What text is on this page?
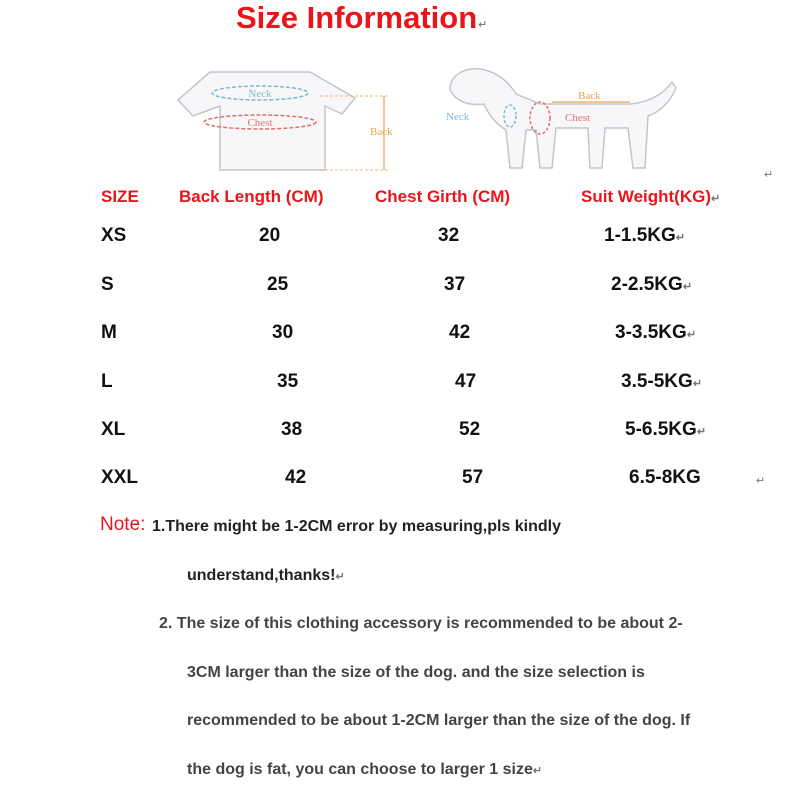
Size Information↵
Neck
Chest
Back
Neck	Chest
Back
↵
SIZE Back Length (CM)	Chest Girth (CM)	Suit Weight(KG)↵
XS	20	32	1-1.5KG↵
S	25	37	2-2.5KG↵
M	30	42	3-3.5KG↵
L	35	47	3.5-5KG↵
XL	38	52	5-6.5KG↵
XXL	42	57	6.5-8KG	↵
Note: 1.There might be 1-2CM error by measuring,pls kindly
understand,thanks!↵
2. The size of this clothing accessory is recommended to be about 2-
3CM larger than the size of the dog. and the size selection is
recommended to be about 1-2CM larger than the size of the dog. If
the dog is fat, you can choose to larger 1 size↵
